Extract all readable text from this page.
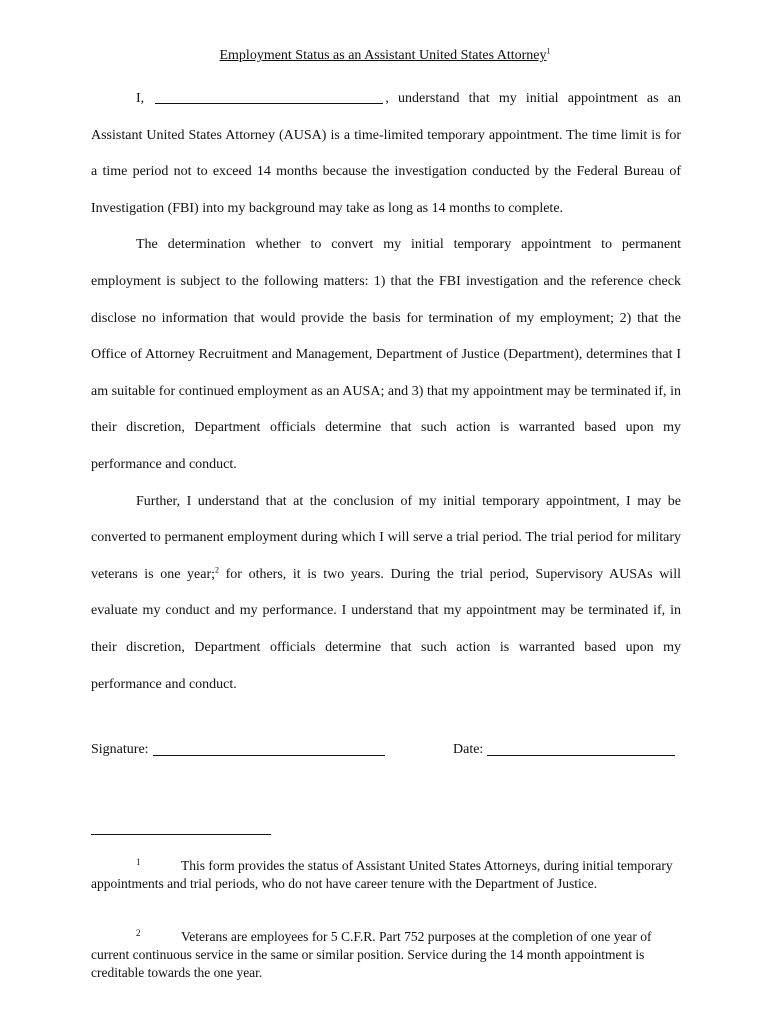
Employment Status as an Assistant United States Attorney$^1$

I,	, understand that my initial appointment as an Assistant United States Attorney (AUSA) is a time-limited temporary appointment. The time limit is for a time period not to exceed 14 months because the investigation conducted by the Federal Bureau of Investigation (FBI) into my background may take as long as 14 months to complete.

The determination whether to convert my initial temporary appointment to permanent employment is subject to the following matters: 1) that the FBI investigation and the reference check disclose no information that would provide the basis for termination of my employment; 2) that the Office of Attorney Recruitment and Management, Department of Justice (Department), determines that I am suitable for continued employment as an AUSA; and 3) that my appointment may be terminated if, in their discretion, Department officials determine that such action is warranted based upon my performance and conduct.

Further, I understand that at the conclusion of my initial temporary appointment, I may be converted to permanent employment during which I will serve a trial period. The trial period for military veterans is one year;$^2$ for others, it is two years. During the trial period, Supervisory AUSAs will evaluate my conduct and my performance. I understand that my appointment may be terminated if, in their discretion, Department officials determine that such action is warranted based upon my performance and conduct.

Signature:	Date:
1	This form provides the status of Assistant United States Attorneys, during initial temporary appointments and trial periods, who do not have career tenure with the Department of Justice.
2	Veterans are employees for 5 C.F.R. Part 752 purposes at the completion of one year of current continuous service in the same or similar position. Service during the 14 month appointment is creditable towards the one year.
